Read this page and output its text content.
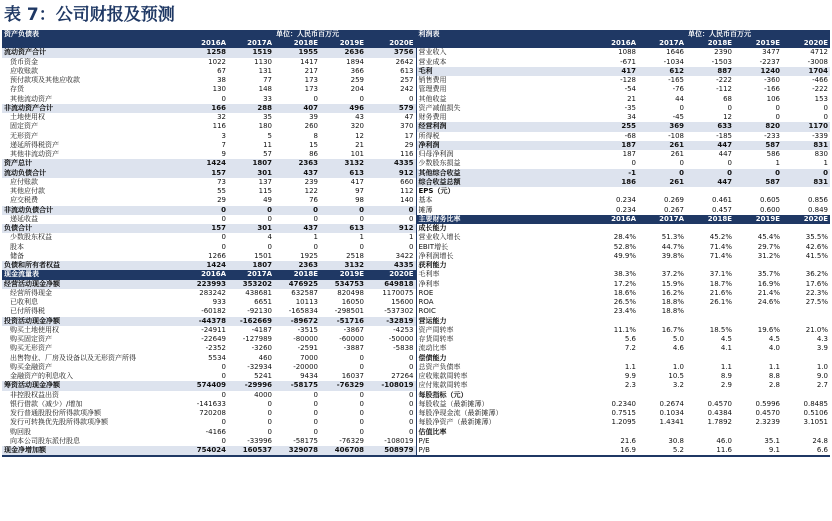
表 7：公司财报及预测
资产负债表			单位：人民币百万元			利润表			单位：人民币百万元		
	2016A	2017A	2018E	2019E	2020E		2016A	2017A	2018E	2019E	2020E
流动资产合计	1258	1519	1955	2636	3756	营业收入	1088	1646	2390	3477	4712
货币资金	1022	1130	1417	1894	2642	营业成本	-671	-1034	-1503	-2237	-3008
应收账款	67	131	217	366	613	毛利	417	612	887	1240	1704
预付款项及其他应收款	38	77	173	259	257	销售费用	-128	-165	-222	-360	-466
存货	130	148	173	204	242	管理费用	-54	-76	-112	-166	-222
其他流动资产	0	33	0	0	0	其他收益	21	44	68	106	153
非流动资产合计	166	288	407	496	579	资产减值损失	-35	0	0	0	0
土地使用权	32	35	39	43	47	财务费用	34	-45	12	0	0
固定资产	116	180	260	320	370	经营利润	255	369	633	820	1170
无形资产	3	5	8	12	17	所得税	-68	-108	-185	-233	-339
递延所得税资产	7	11	15	21	29	净利润	187	261	447	587	831
其他非流动资产	9	57	86	101	116	归母净利润	187	261	447	586	830
资产总计	1424	1807	2363	3132	4335	少数股东损益	0	0	0	1	1
流动负债合计	157	301	437	613	912	其他综合收益	-1	0	0	0	0
应付账款	73	137	239	417	660	综合收益总额	186	261	447	587	831
其他应付款	55	115	122	97	112	EPS（元）					
应交税费	29	49	76	98	140	基本	0.234	0.269	0.461	0.605	0.856
非流动负债合计	0	0	0	0	0	摊薄	0.234	0.267	0.457	0.600	0.849
递延收益	0	0	0	0	0	主要财务比率	2016A	2017A	2018E	2019E	2020E
负债合计	157	301	437	613	912	成长能力					
少数股东权益	0	4	1	1	1	营业收入增长	28.4%	51.3%	45.2%	45.4%	35.5%
股本	0	0	0	0	0	EBIT增长	52.8%	44.7%	71.4%	29.7%	42.6%
储备	1266	1501	1925	2518	3422	净利润增长	49.9%	39.8%	71.4%	31.2%	41.5%
负债和所有者权益	1424	1807	2363	3132	4335	获利能力					
现金流量表	2016A	2017A	2018E	2019E	2020E	毛利率	38.3%	37.2%	37.1%	35.7%	36.2%
经营活动现金净额	223993	353202	476925	534753	649818	净利率	17.2%	15.9%	18.7%	16.9%	17.6%
经营所得现金	283242	438681	632587	820498	1170075	ROE	18.6%	16.2%	21.6%	21.4%	22.3%
已收利息	933	6651	10113	16050	15600	ROA	26.5%	18.8%	26.1%	24.6%	27.5%
已付所得税	-60182	-92130	-165834	-298501	-537302	ROIC	23.4%	18.8%			
投资活动现金净额	-44378	-162669	-89672	-51716	-32819	营运能力					
购买土地使用权	-24911	-4187	-3515	-3867	-4253	资产周转率	11.1%	16.7%	18.5%	19.6%	21.0%
购买固定资产	-22649	-127989	-80000	-60000	-50000	存货周转率	5.6	5.0	4.5	4.5	4.3
购买无形资产	-2352	-3260	-2591	-3887	-5838	流动比率	7.2	4.6	4.1	4.0	3.9
出售物业、厂房及设备以及无形资产所得	5534	460	7000	0	0	偿债能力					
购买金融资产	0	-32934	-20000	0	0	总资产负债率	1.1	1.0	1.1	1.1	1.0
金融资产的利息收入	0	5241	9434	16037	27264	应收账款周转率	9.9	10.5	8.9	8.8	9.0
筹资活动现金净额	574409	-29996	-58175	-76329	-108019	应付账款周转率	2.3	3.2	2.9	2.8	2.7
非控股权益出资	0	4000	0	0	0	每股指标（元）					
银行借款（减少）/增加	-141633	0	0	0	0	每股收益（最新摊薄）	0.2340	0.2674	0.4570	0.5996	0.8485
发行普通股股份所得款项净额	720208	0	0	0	0	每股净现金流（最新摊薄）	0.7515	0.1034	0.4384	0.4570	0.5106
发行可转换优先股所得款项净额	0	0	0	0	0	每股净资产（最新摊薄）	1.2095	1.4341	1.7892	2.3239	3.1051
购回股	-4166	0	0	0	0	估值比率					
向本公司股东派付股息	0	-33996	-58175	-76329	-108019	P/E	21.6	30.8	46.0	35.1	24.8
现金净增加额	754024	160537	329078	406708	508979	P/B	16.9	5.2	11.6	9.1	6.6
